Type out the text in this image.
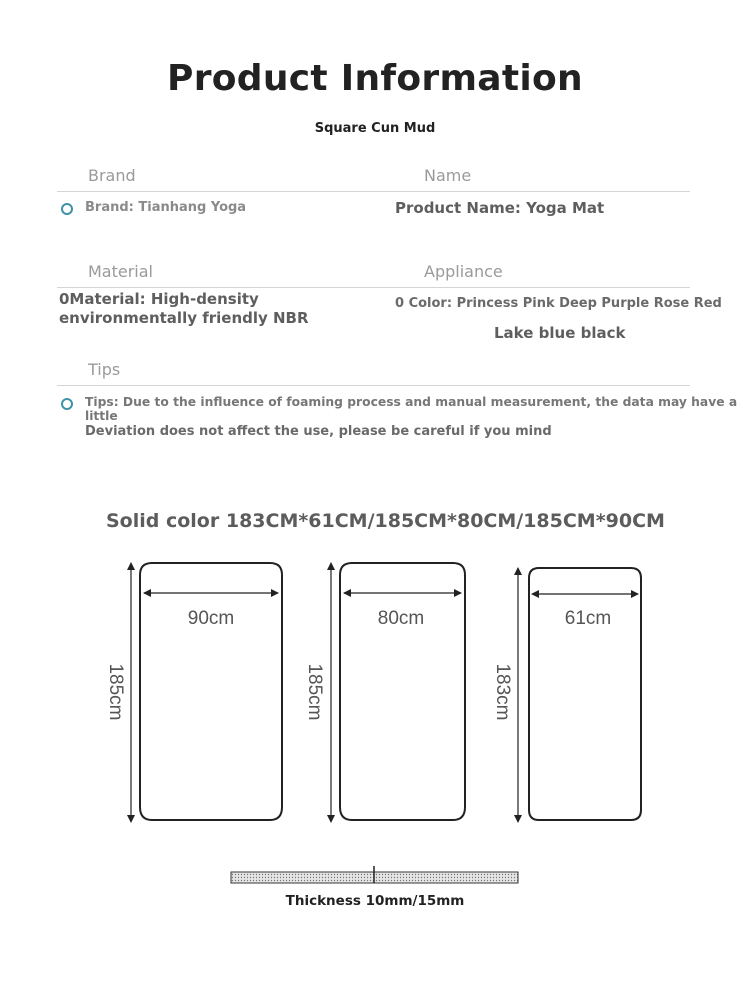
Product Information
Square Cun Mud
Brand	Name
Brand: Tianhang Yoga	Product Name: Yoga Mat
Material	Appliance
0Material: High-density
environmentally friendly NBR
0 Color: Princess Pink Deep Purple Rose Red
Lake blue black
Tips
Tips: Due to the influence of foaming process and manual measurement, the data may have a little
Deviation does not affect the use, please be careful if you mind
Solid color 183CM*61CM/185CM*80CM/185CM*90CM
90cm	80cm	61cm
185cm	185cm	183cm
Thickness 10mm/15mm
